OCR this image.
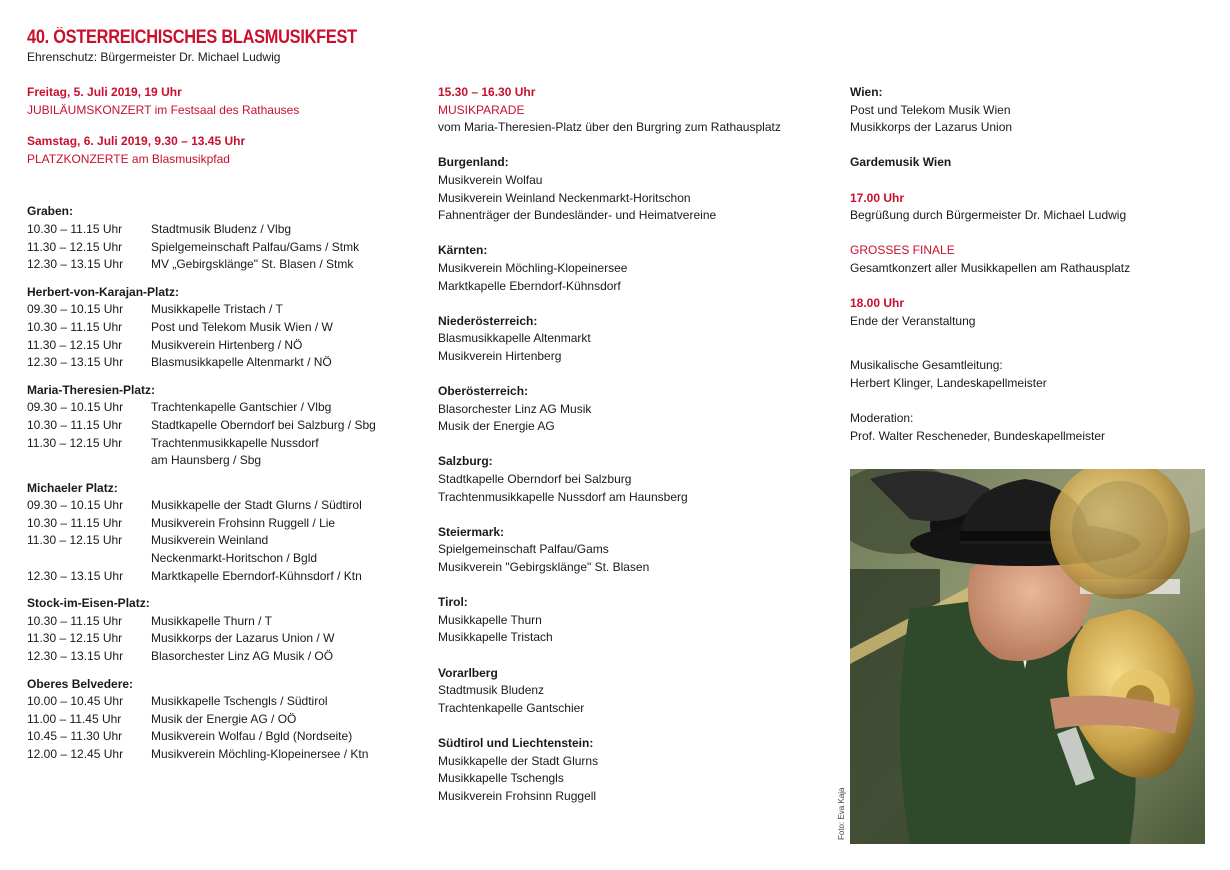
40. ÖSTERREICHISCHES BLASMUSIKFEST
Ehrenschutz: Bürgermeister Dr. Michael Ludwig
Freitag, 5. Juli 2019, 19 Uhr
JUBILÄUMSKONZERT im Festsaal des Rathauses
Samstag, 6. Juli 2019, 9.30 – 13.45 Uhr
PLATZKONZERTE am Blasmusikpfad
Graben:
10.30 – 11.15 Uhr	Stadtmusik Bludenz / Vlbg
11.30 – 12.15 Uhr	Spielgemeinschaft Palfau/Gams / Stmk
12.30 – 13.15 Uhr	MV „Gebirgsklänge" St. Blasen / Stmk
Herbert-von-Karajan-Platz:
09.30 – 10.15 Uhr	Musikkapelle Tristach / T
10.30 – 11.15 Uhr	Post und Telekom Musik Wien / W
11.30 – 12.15 Uhr	Musikverein Hirtenberg / NÖ
12.30 – 13.15 Uhr	Blasmusikkapelle Altenmarkt / NÖ
Maria-Theresien-Platz:
09.30 – 10.15 Uhr	Trachtenkapelle Gantschier / Vlbg
10.30 – 11.15 Uhr	Stadtkapelle Oberndorf bei Salzburg / Sbg
11.30 – 12.15 Uhr	Trachtenmusikkapelle Nussdorf
am Haunsberg / Sbg
Michaeler Platz:
09.30 – 10.15 Uhr	Musikkapelle der Stadt Glurns / Südtirol
10.30 – 11.15 Uhr	Musikverein Frohsinn Ruggell / Lie
11.30 – 12.15 Uhr	Musikverein Weinland
Neckenmarkt-Horitschon / Bgld
12.30 – 13.15 Uhr	Marktkapelle Eberndorf-Kühnsdorf / Ktn
Stock-im-Eisen-Platz:
10.30 – 11.15 Uhr	Musikkapelle Thurn / T
11.30 – 12.15 Uhr	Musikkorps der Lazarus Union / W
12.30 – 13.15 Uhr	Blasorchester Linz AG Musik / OÖ
Oberes Belvedere:
10.00 – 10.45 Uhr	Musikkapelle Tschengls / Südtirol
11.00 – 11.45 Uhr	Musik der Energie AG / OÖ
10.45 – 11.30 Uhr	Musikverein Wolfau / Bgld (Nordseite)
12.00 – 12.45 Uhr	Musikverein Möchling-Klopeinersee / Ktn
15.30 – 16.30 Uhr
MUSIKPARADE
vom Maria-Theresien-Platz über den Burgring zum Rathausplatz
Burgenland:
Musikverein Wolfau
Musikverein Weinland Neckenmarkt-Horitschon
Fahnenträger der Bundesländer- und Heimatvereine
Kärnten:
Musikverein Möchling-Klopeinersee
Marktkapelle Eberndorf-Kühnsdorf
Niederösterreich:
Blasmusikkapelle Altenmarkt
Musikverein Hirtenberg
Oberösterreich:
Blasorchester Linz AG Musik
Musik der Energie AG
Salzburg:
Stadtkapelle Oberndorf bei Salzburg
Trachtenmusikkapelle Nussdorf am Haunsberg
Steiermark:
Spielgemeinschaft Palfau/Gams
Musikverein "Gebirgsklänge" St. Blasen
Tirol:
Musikkapelle Thurn
Musikkapelle Tristach
Vorarlberg
Stadtmusik Bludenz
Trachtenkapelle Gantschier
Südtirol und Liechtenstein:
Musikkapelle der Stadt Glurns
Musikkapelle Tschengls
Musikverein Frohsinn Ruggell
Wien:
Post und Telekom Musik Wien
Musikkorps der Lazarus Union
Gardemusik Wien
17.00 Uhr
Begrüßung durch Bürgermeister Dr. Michael Ludwig
GROSSES FINALE
Gesamtkonzert aller Musikkapellen am Rathausplatz
18.00 Uhr
Ende der Veranstaltung
Musikalische Gesamtleitung:
Herbert Klinger, Landeskapellmeister
Moderation:
Prof. Walter Rescheneder, Bundeskapellmeister
Foto: Eva Kaja
